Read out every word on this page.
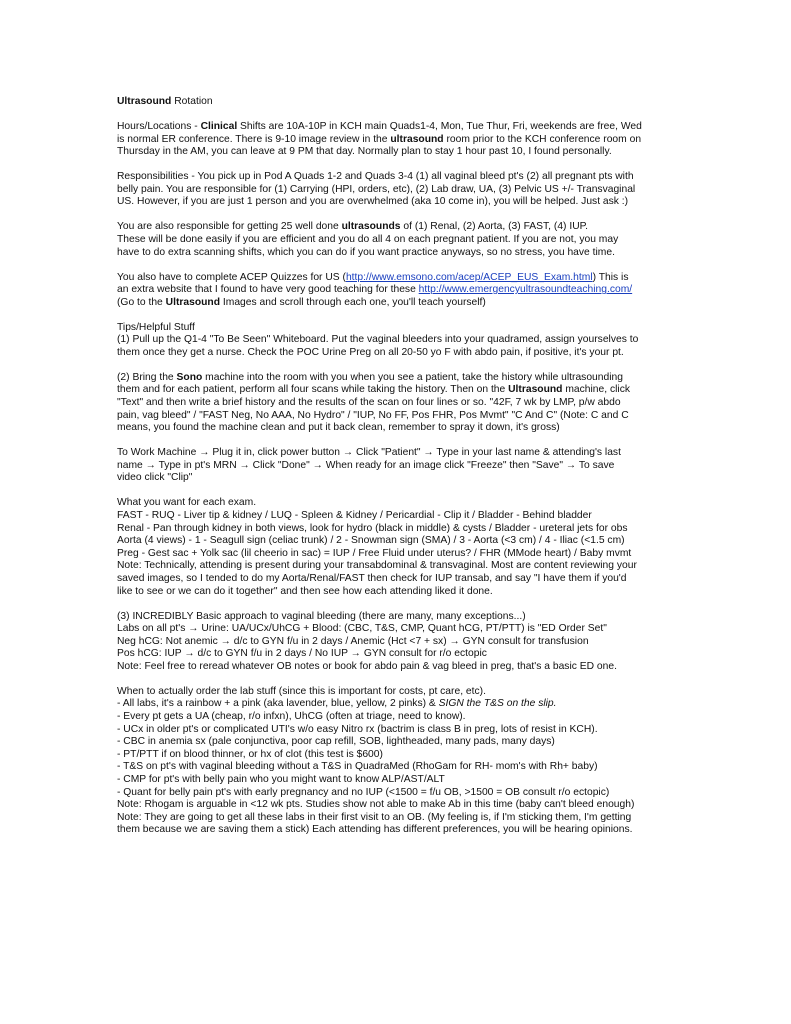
Ultrasound Rotation
Hours/Locations - Clinical Shifts are 10A-10P in KCH main Quads1-4, Mon, Tue Thur, Fri, weekends are free, Wed
is normal ER conference. There is 9-10 image review in the ultrasound room prior to the KCH conference room on
Thursday in the AM, you can leave at 9 PM that day. Normally plan to stay 1 hour past 10, I found personally.
Responsibilities - You pick up in Pod A Quads 1-2 and Quads 3-4 (1) all vaginal bleed pt's (2) all pregnant pts with
belly pain. You are responsible for (1) Carrying (HPI, orders, etc), (2) Lab draw, UA, (3) Pelvic US +/- Transvaginal
US. However, if you are just 1 person and you are overwhelmed (aka 10 come in), you will be helped. Just ask :)
You are also responsible for getting 25 well done ultrasounds of (1) Renal, (2) Aorta, (3) FAST, (4) IUP.
These will be done easily if you are efficient and you do all 4 on each pregnant patient. If you are not, you may
have to do extra scanning shifts, which you can do if you want practice anyways, so no stress, you have time.
You also have to complete ACEP Quizzes for US (http://www.emsono.com/acep/ACEP_EUS_Exam.html) This is
an extra website that I found to have very good teaching for these http://www.emergencyultrasoundteaching.com/
(Go to the Ultrasound Images and scroll through each one, you'll teach yourself)
Tips/Helpful Stuff
(1) Pull up the Q1-4 "To Be Seen" Whiteboard. Put the vaginal bleeders into your quadramed, assign yourselves to
them once they get a nurse. Check the POC Urine Preg on all 20-50 yo F with abdo pain, if positive, it's your pt.
(2) Bring the Sono machine into the room with you when you see a patient, take the history while ultrasounding
them and for each patient, perform all four scans while taking the history. Then on the Ultrasound machine, click
"Text" and then write a brief history and the results of the scan on four lines or so. "42F, 7 wk by LMP, p/w abdo
pain, vag bleed" / "FAST Neg, No AAA, No Hydro" / "IUP, No FF, Pos FHR, Pos Mvmt" "C And C" (Note: C and C
means, you found the machine clean and put it back clean, remember to spray it down, it's gross)
To Work Machine → Plug it in, click power button → Click "Patient" → Type in your last name & attending's last
name → Type in pt's MRN → Click "Done" → When ready for an image click "Freeze" then "Save" → To save
video click "Clip"
What you want for each exam.
FAST - RUQ - Liver tip & kidney / LUQ - Spleen & Kidney / Pericardial - Clip it / Bladder - Behind bladder
Renal - Pan through kidney in both views, look for hydro (black in middle) & cysts / Bladder - ureteral jets for obs
Aorta (4 views) - 1 - Seagull sign (celiac trunk) / 2 - Snowman sign (SMA) / 3 - Aorta (<3 cm) / 4 - Iliac (<1.5 cm)
Preg - Gest sac + Yolk sac (lil cheerio in sac) = IUP / Free Fluid under uterus? / FHR (MMode heart) / Baby mvmt
Note: Technically, attending is present during your transabdominal & transvaginal. Most are content reviewing your
saved images, so I tended to do my Aorta/Renal/FAST then check for IUP transab, and say "I have them if you'd
like to see or we can do it together" and then see how each attending liked it done.
(3) INCREDIBLY Basic approach to vaginal bleeding (there are many, many exceptions...)
Labs on all pt's → Urine: UA/UCx/UhCG + Blood: (CBC, T&S, CMP, Quant hCG, PT/PTT) is "ED Order Set"
Neg hCG: Not anemic → d/c to GYN f/u in 2 days / Anemic (Hct <7 + sx) → GYN consult for transfusion
Pos hCG: IUP → d/c to GYN f/u in 2 days / No IUP → GYN consult for r/o ectopic
Note: Feel free to reread whatever OB notes or book for abdo pain & vag bleed in preg, that's a basic ED one.
When to actually order the lab stuff (since this is important for costs, pt care, etc).
- All labs, it's a rainbow + a pink (aka lavender, blue, yellow, 2 pinks) & SIGN the T&S on the slip.
- Every pt gets a UA (cheap, r/o infxn), UhCG (often at triage, need to know).
- UCx in older pt's or complicated UTI's w/o easy Nitro rx (bactrim is class B in preg, lots of resist in KCH).
- CBC in anemia sx (pale conjunctiva, poor cap refill, SOB, lightheaded, many pads, many days)
- PT/PTT if on blood thinner, or hx of clot (this test is $600)
- T&S on pt's with vaginal bleeding without a T&S in QuadraMed (RhoGam for RH- mom's with Rh+ baby)
- CMP for pt's with belly pain who you might want to know ALP/AST/ALT
- Quant for belly pain pt's with early pregnancy and no IUP (<1500 = f/u OB, >1500 = OB consult r/o ectopic)
Note: Rhogam is arguable in <12 wk pts. Studies show not able to make Ab in this time (baby can't bleed enough)
Note: They are going to get all these labs in their first visit to an OB. (My feeling is, if I'm sticking them, I'm getting
them because we are saving them a stick) Each attending has different preferences, you will be hearing opinions.
